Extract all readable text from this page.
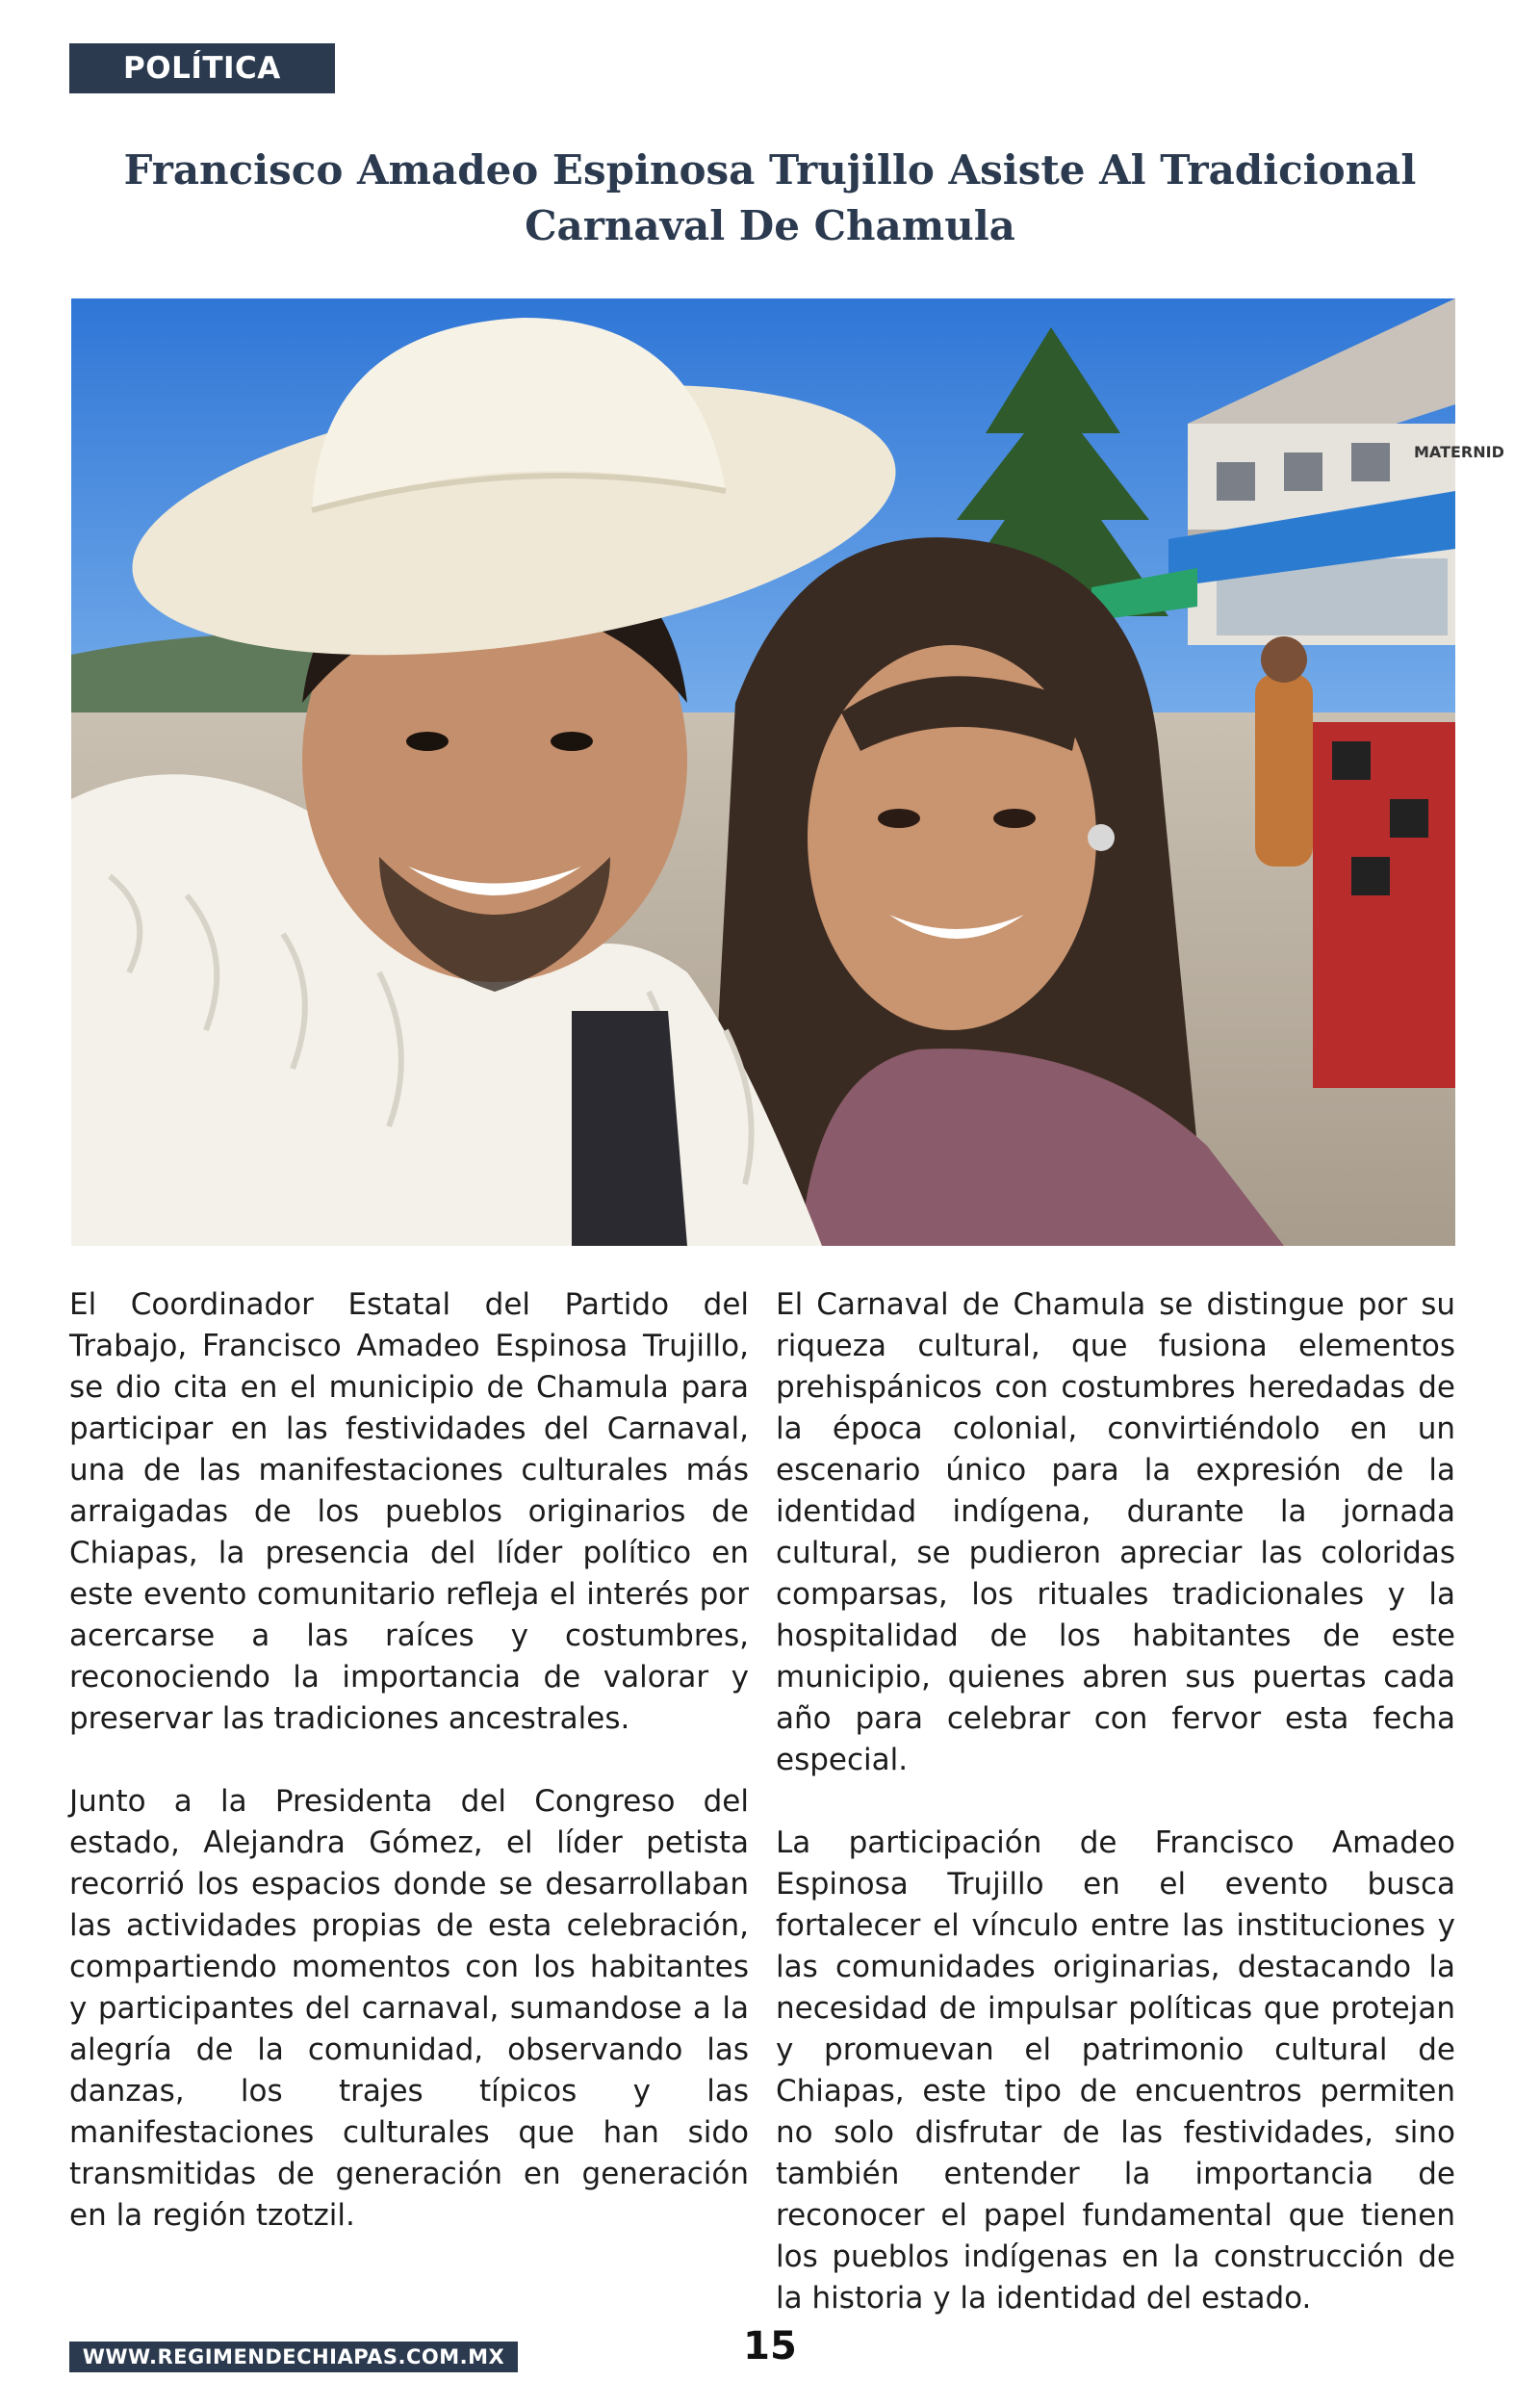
POLÍTICA
Francisco Amadeo Espinosa Trujillo Asiste Al Tradicional Carnaval De Chamula
MATERNID

El Coordinador Estatal del Partido del Trabajo, Francisco Amadeo Espinosa Trujillo, se dio cita en el municipio de Chamula para participar en las festividades del Carnaval, una de las manifestaciones culturales más arraigadas de los pueblos originarios de Chiapas, la presencia del líder político en este evento comunitario refleja el interés por acercarse a las raíces y costumbres, reconociendo la importancia de valorar y preservar las tradiciones ancestrales.

Junto a la Presidenta del Congreso del estado, Alejandra Gómez, el líder petista recorrió los espacios donde se desarrollaban las actividades propias de esta celebración, compartiendo momentos con los habitantes y participantes del carnaval, sumandose a la alegría de la comunidad, observando las danzas, los trajes típicos y las manifestaciones culturales que han sido transmitidas de generación en generación en la región tzotzil.

El Carnaval de Chamula se distingue por su riqueza cultural, que fusiona elementos prehispánicos con costumbres heredadas de la época colonial, convirtiéndolo en un escenario único para la expresión de la identidad indígena, durante la jornada cultural, se pudieron apreciar las coloridas comparsas, los rituales tradicionales y la hospitalidad de los habitantes de este municipio, quienes abren sus puertas cada año para celebrar con fervor esta fecha especial.

La participación de Francisco Amadeo Espinosa Trujillo en el evento busca fortalecer el vínculo entre las instituciones y las comunidades originarias, destacando la necesidad de impulsar políticas que protejan y promuevan el patrimonio cultural de Chiapas, este tipo de encuentros permiten no solo disfrutar de las festividades, sino también entender la importancia de reconocer el papel fundamental que tienen los pueblos indígenas en la construcción de la historia y la identidad del estado.

WWW.REGIMENDECHIAPAS.COM.MX	15
